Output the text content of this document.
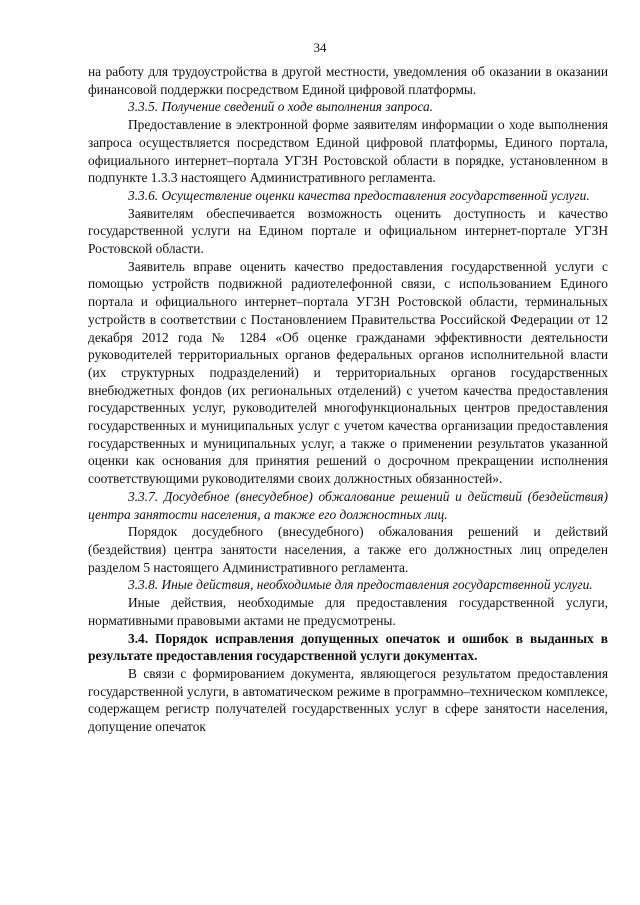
34

на работу для трудоустройства в другой местности, уведомления об оказании в оказании финансовой поддержки посредством Единой цифровой платформы.

3.3.5. Получение сведений о ходе выполнения запроса.

Предоставление в электронной форме заявителям информации о ходе выполнения запроса осуществляется посредством Единой цифровой платформы, Единого портала, официального интернет–портала УГЗН Ростовской области в порядке, установленном в подпункте 1.3.3 настоящего Административного регламента.

3.3.6. Осуществление оценки качества предоставления государственной услуги.

Заявителям обеспечивается возможность оценить доступность и качество государственной услуги на Едином портале и официальном интернет-портале УГЗН Ростовской области.

Заявитель вправе оценить качество предоставления государственной услуги с помощью устройств подвижной радиотелефонной связи, с использованием Единого портала и официального интернет–портала УГЗН Ростовской области, терминальных устройств в соответствии с Постановлением Правительства Российской Федерации от 12 декабря 2012 года № 1284 «Об оценке гражданами эффективности деятельности руководителей территориальных органов федеральных органов исполнительной власти (их структурных подразделений) и территориальных органов государственных внебюджетных фондов (их региональных отделений) с учетом качества предоставления государственных услуг, руководителей многофункциональных центров предоставления государственных и муниципальных услуг с учетом качества организации предоставления государственных и муниципальных услуг, а также о применении результатов указанной оценки как основания для принятия решений о досрочном прекращении исполнения соответствующими руководителями своих должностных обязанностей».

3.3.7. Досудебное (внесудебное) обжалование решений и действий (бездействия) центра занятости населения, а также его должностных лиц.

Порядок досудебного (внесудебного) обжалования решений и действий (бездействия) центра занятости населения, а также его должностных лиц определен разделом 5 настоящего Административного регламента.

3.3.8. Иные действия, необходимые для предоставления государственной услуги.

Иные действия, необходимые для предоставления государственной услуги, нормативными правовыми актами не предусмотрены.

3.4. Порядок исправления допущенных опечаток и ошибок в выданных в результате предоставления государственной услуги документах.

В связи с формированием документа, являющегося результатом предоставления государственной услуги, в автоматическом режиме в программно–техническом комплексе, содержащем регистр получателей государственных услуг в сфере занятости населения, допущение опечаток
